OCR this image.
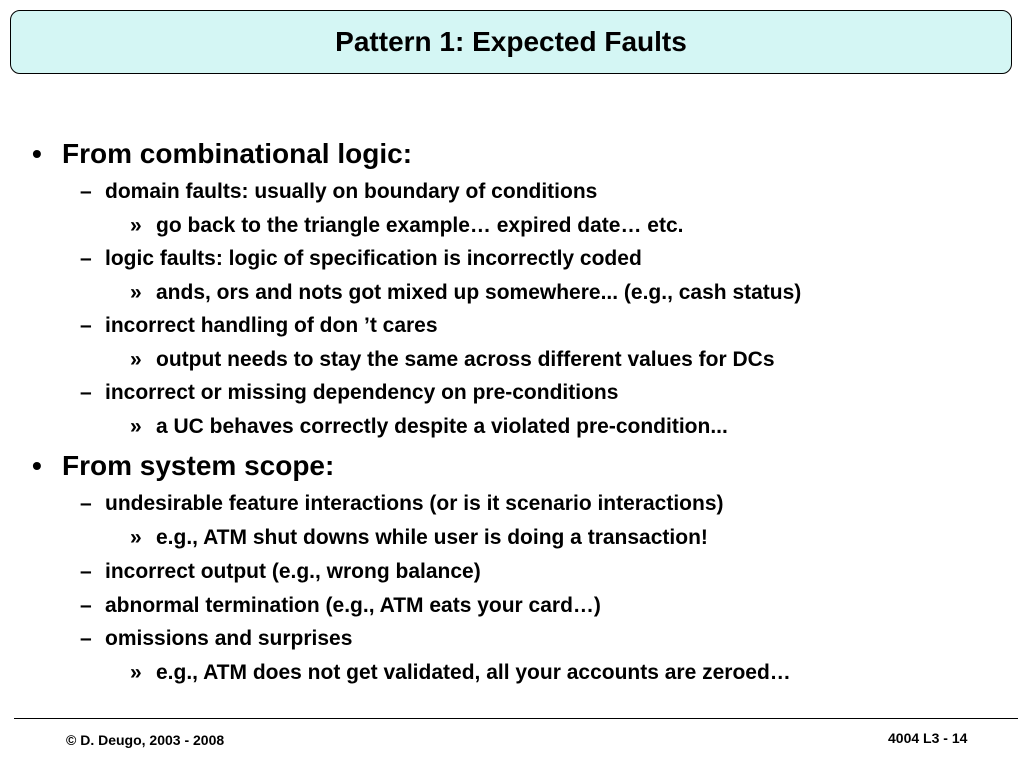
Pattern 1: Expected Faults
• From combinational logic:
– domain faults: usually on boundary of conditions
» go back to the triangle example… expired date… etc.
– logic faults: logic of specification is incorrectly coded
» ands, ors and nots got mixed up somewhere... (e.g., cash status)
– incorrect handling of don ’t cares
» output needs to stay the same across different values for DCs
– incorrect or missing dependency on pre-conditions
» a UC behaves correctly despite a violated pre-condition...
• From system scope:
– undesirable feature interactions (or is it scenario interactions)
» e.g., ATM shut downs while user is doing a transaction!
– incorrect output (e.g., wrong balance)
– abnormal termination (e.g., ATM eats your card…)
– omissions and surprises
» e.g., ATM does not get validated, all your accounts are zeroed…
© D. Deugo, 2003 - 2008	4004 L3 - 14
